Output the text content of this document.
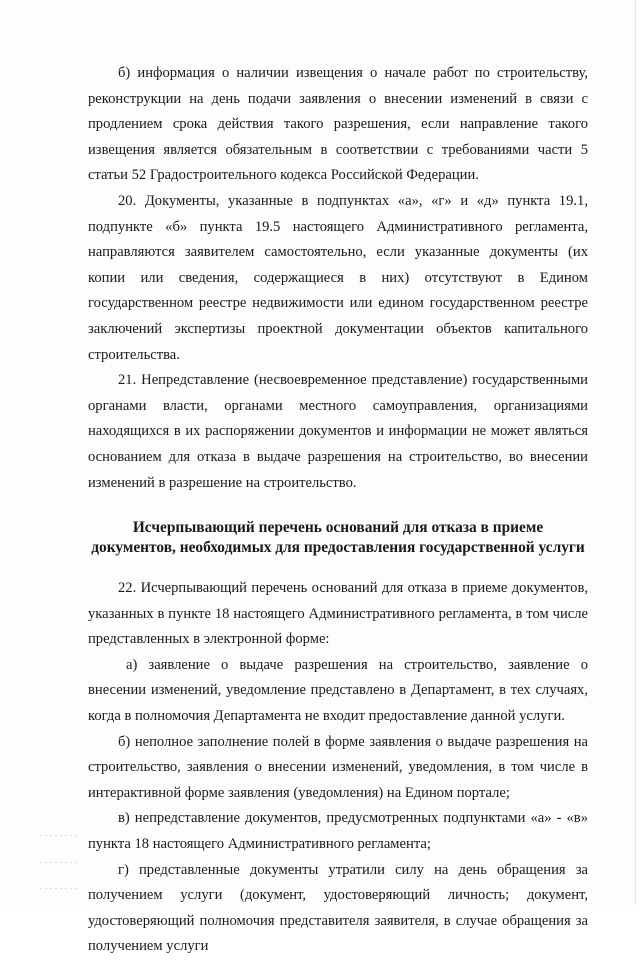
б) информация о наличии извещения о начале работ по строительству, реконструкции на день подачи заявления о внесении изменений в связи с продлением срока действия такого разрешения, если направление такого извещения является обязательным в соответствии с требованиями части 5 статьи 52 Градостроительного кодекса Российской Федерации.

20. Документы, указанные в подпунктах «а», «г» и «д» пункта 19.1, подпункте «б» пункта 19.5 настоящего Административного регламента, направляются заявителем самостоятельно, если указанные документы (их копии или сведения, содержащиеся в них) отсутствуют в Едином государственном реестре недвижимости или едином государственном реестре заключений экспертизы проектной документации объектов капитального строительства.

21. Непредставление (несвоевременное представление) государственными органами власти, органами местного самоуправления, организациями находящихся в их распоряжении документов и информации не может являться основанием для отказа в выдаче разрешения на строительство, во внесении изменений в разрешение на строительство.

Исчерпывающий перечень оснований для отказа в приеме
документов, необходимых для предоставления государственной услуги

22. Исчерпывающий перечень оснований для отказа в приеме документов, указанных в пункте 18 настоящего Административного регламента, в том числе представленных в электронной форме:

а) заявление о выдаче разрешения на строительство, заявление о внесении изменений, уведомление представлено в Департамент, в тех случаях, когда в полномочия Департамента не входит предоставление данной услуги.

б) неполное заполнение полей в форме заявления о выдаче разрешения на строительство, заявления о внесении изменений, уведомления, в том числе в интерактивной форме заявления (уведомления) на Едином портале;

в) непредставление документов, предусмотренных подпунктами «а» - «в» пункта 18 настоящего Административного регламента;

г) представленные документы утратили силу на день обращения за получением услуги (документ, удостоверяющий личность; документ, удостоверяющий полномочия представителя заявителя, в случае обращения за получением услуги
